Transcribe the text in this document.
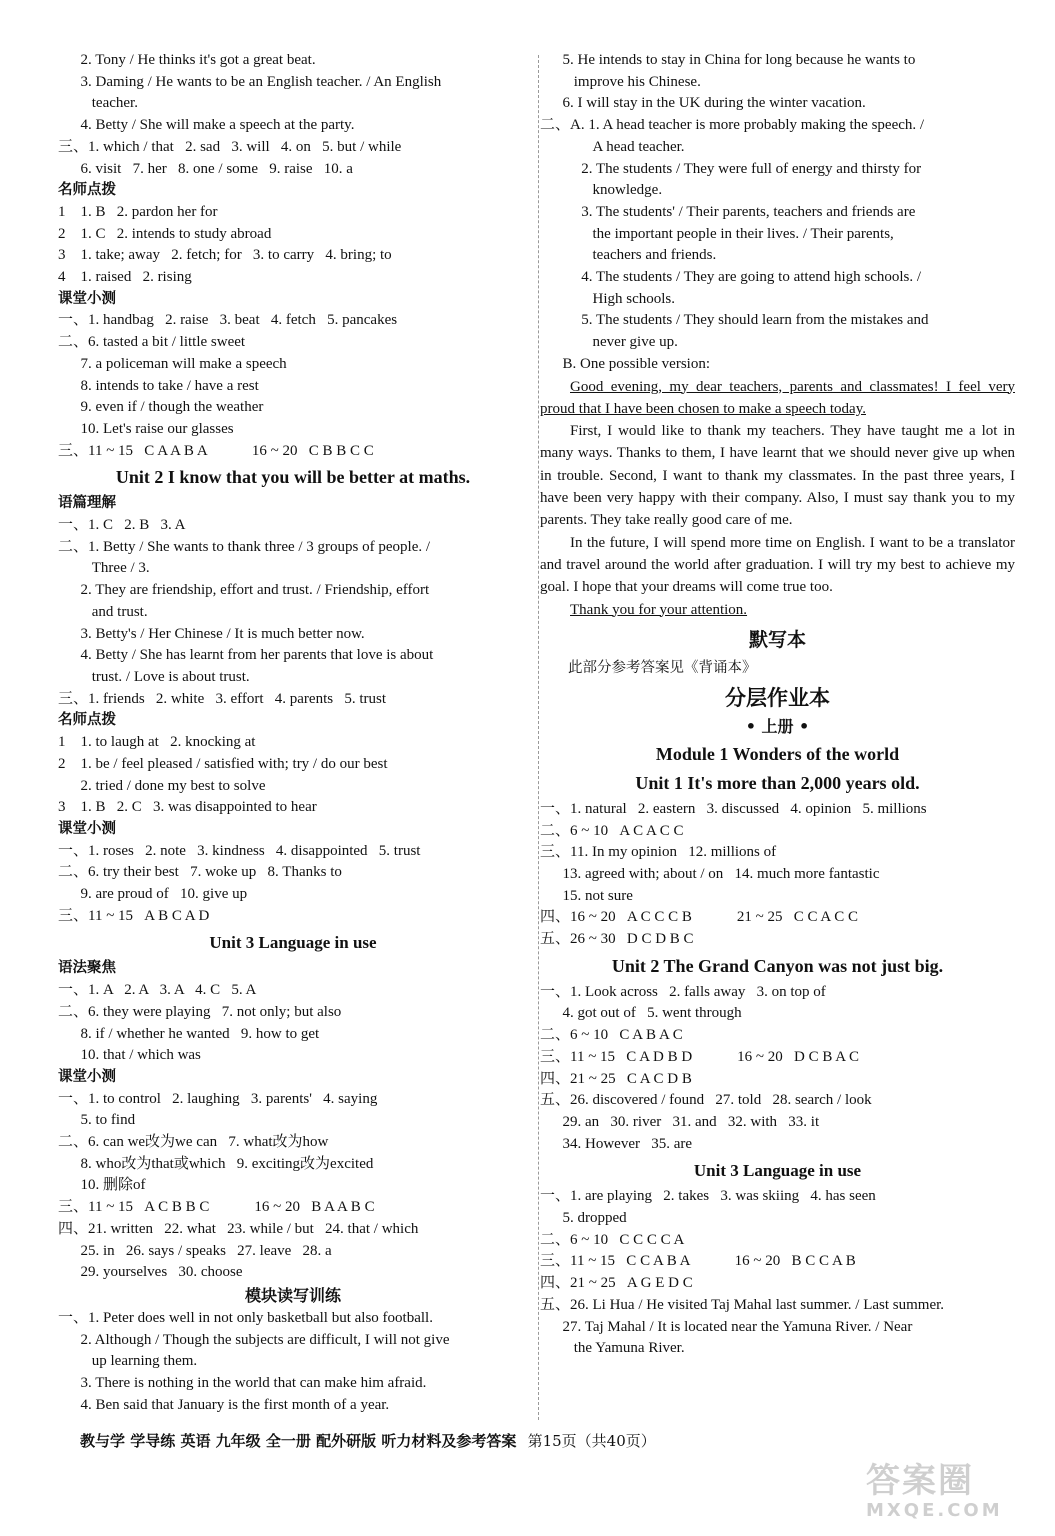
2. Tony / He thinks it's got a great beat.
3. Daming / He wants to be an English teacher. / An English
teacher.
4. Betty / She will make a speech at the party.
三、1. which / that   2. sad   3. will   4. on   5. but / while
6. visit   7. her   8. one / some   9. raise   10. a
名师点拨
1    1. B   2. pardon her for
2    1. C   2. intends to study abroad
3    1. take; away   2. fetch; for   3. to carry   4. bring; to
4    1. raised   2. rising
课堂小测
一、1. handbag   2. raise   3. beat   4. fetch   5. pancakes
二、6. tasted a bit / little sweet
7. a policeman will make a speech
8. intends to take / have a rest
9. even if / though the weather
10. Let's raise our glasses
三、11 ~ 15   C A A B A            16 ~ 20   C B B C C
Unit 2 I know that you will be better at maths.
语篇理解
一、1. C   2. B   3. A
二、1. Betty / She wants to thank three / 3 groups of people. /
Three / 3.
2. They are friendship, effort and trust. / Friendship, effort
and trust.
3. Betty's / Her Chinese / It is much better now.
4. Betty / She has learnt from her parents that love is about
trust. / Love is about trust.
三、1. friends   2. white   3. effort   4. parents   5. trust
名师点拨
1    1. to laugh at   2. knocking at
2    1. be / feel pleased / satisfied with; try / do our best
2. tried / done my best to solve
3    1. B   2. C   3. was disappointed to hear
课堂小测
一、1. roses   2. note   3. kindness   4. disappointed   5. trust
二、6. try their best   7. woke up   8. Thanks to
9. are proud of   10. give up
三、11 ~ 15   A B C A D
Unit 3 Language in use
语法聚焦
一、1. A   2. A   3. A   4. C   5. A
二、6. they were playing   7. not only; but also
8. if / whether he wanted   9. how to get
10. that / which was
课堂小测
一、1. to control   2. laughing   3. parents'   4. saying
5. to find
二、6. can we改为we can   7. what改为how
8. who改为that或which   9. exciting改为excited
10. 删除of
三、11 ~ 15   A C B B C            16 ~ 20   B A A B C
四、21. written   22. what   23. while / but   24. that / which
25. in   26. says / speaks   27. leave   28. a
29. yourselves   30. choose
模块读写训练
一、1. Peter does well in not only basketball but also football.
2. Although / Though the subjects are difficult, I will not give
up learning them.
3. There is nothing in the world that can make him afraid.
4. Ben said that January is the first month of a year.
5. He intends to stay in China for long because he wants to
improve his Chinese.
6. I will stay in the UK during the winter vacation.
二、A. 1. A head teacher is more probably making the speech. /
A head teacher.
2. The students / They were full of energy and thirsty for
knowledge.
3. The students' / Their parents, teachers and friends are
the important people in their lives. / Their parents,
teachers and friends.
4. The students / They are going to attend high schools. /
High schools.
5. The students / They should learn from the mistakes and
never give up.
B. One possible version:
Good evening, my dear teachers, parents and classmates! I feel very proud that I have been chosen to make a speech today.
First, I would like to thank my teachers. They have taught me a lot in many ways. Thanks to them, I have learnt that we should never give up when in trouble. Second, I want to thank my classmates. In the past three years, I have been very happy with their company. Also, I must say thank you to my parents. They take really good care of me.
In the future, I will spend more time on English. I want to be a translator and travel around the world after graduation. I will try my best to achieve my goal. I hope that your dreams will come true too.
Thank you for your attention.
默写本
此部分参考答案见《背诵本》
分层作业本
• 上册 •
Module 1 Wonders of the world
Unit 1 It's more than 2,000 years old.
一、1. natural   2. eastern   3. discussed   4. opinion   5. millions
二、6 ~ 10   A C A C C
三、11. In my opinion   12. millions of
13. agreed with; about / on   14. much more fantastic
15. not sure
四、16 ~ 20   A C C C B            21 ~ 25   C C A C C
五、26 ~ 30   D C D B C
Unit 2 The Grand Canyon was not just big.
一、1. Look across   2. falls away   3. on top of
4. got out of   5. went through
二、6 ~ 10   C A B A C
三、11 ~ 15   C A D B D            16 ~ 20   D C B A C
四、21 ~ 25   C A C D B
五、26. discovered / found   27. told   28. search / look
29. an   30. river   31. and   32. with   33. it
34. However   35. are
Unit 3 Language in use
一、1. are playing   2. takes   3. was skiing   4. has seen
5. dropped
二、6 ~ 10   C C C C A
三、11 ~ 15   C C A B A            16 ~ 20   B C C A B
四、21 ~ 25   A G E D C
五、26. Li Hua / He visited Taj Mahal last summer. / Last summer.
27. Taj Mahal / It is located near the Yamuna River. / Near
the Yamuna River.
教与学 学导练 英语 九年级 全一册 配外研版 听力材料及参考答案 第15页（共40页）
答案圈
MXQE.COM
